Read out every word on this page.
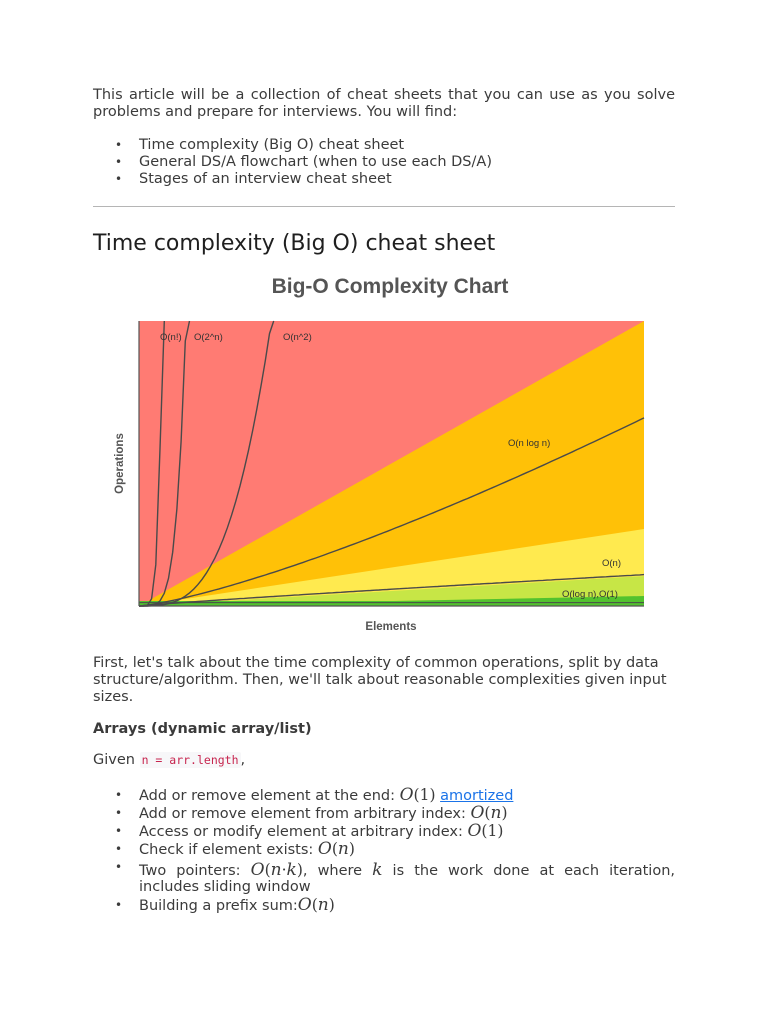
This article will be a collection of cheat sheets that you can use as you solve problems and prepare for interviews. You will find:

• Time complexity (Big O) cheat sheet
• General DS/A flowchart (when to use each DS/A)
• Stages of an interview cheat sheet
Time complexity (Big O) cheat sheet
O(n!) O(2^n)	O(n^2)
O(n log n)
O(n)
O(log n),O(1)
Big-O Complexity Chart
Elements
Operations

First, let's talk about the time complexity of common operations, split by data structure/algorithm. Then, we'll talk about reasonable complexities given input sizes.

Arrays (dynamic array/list)

Given n = arr.length ,

• Add or remove element at the end: O(1) amortized
• Add or remove element from arbitrary index: O(n)
• Access or modify element at arbitrary index: O(1)
• Check if element exists: O(n)
• Two pointers: O(n·k), where k is the work done at each iteration, includes sliding window
• Building a prefix sum:O(n)
